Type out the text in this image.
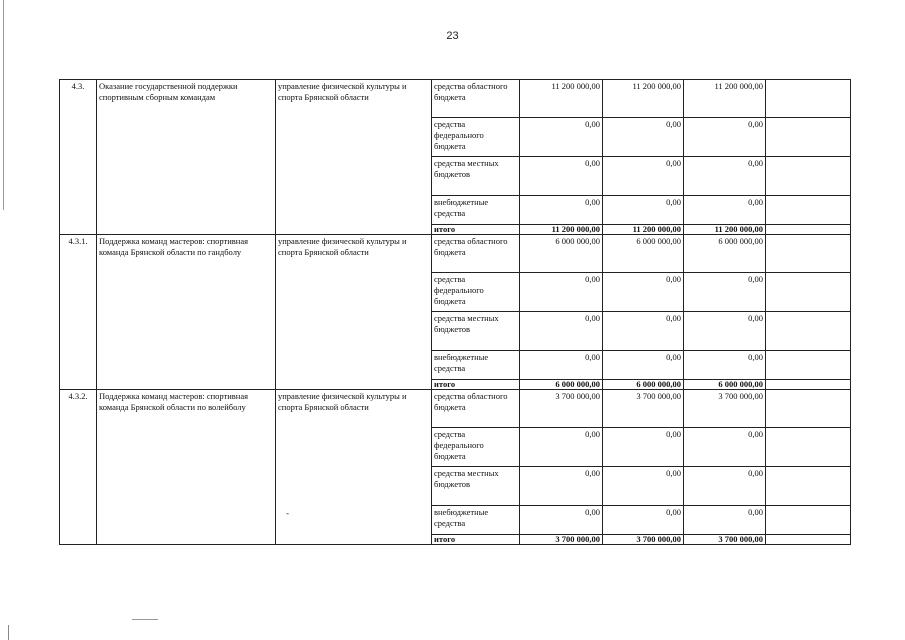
23
4.3.	Оказание государственной поддержки спортивным сборным командам	управление физической культуры и спорта Брянской области	средства областного бюджета	11 200 000,00	11 200 000,00	11 200 000,00	
			средства федерального бюджета	0,00	0,00	0,00	
			средства местных бюджетов	0,00	0,00	0,00	
			внебюджетные средства	0,00	0,00	0,00	
			итого	11 200 000,00	11 200 000,00	11 200 000,00	
4.3.1.	Поддержка команд мастеров: спортивная команда Брянской области по гандболу	управление физической культуры и спорта Брянской области	средства областного бюджета	6 000 000,00	6 000 000,00	6 000 000,00	
			средства федерального бюджета	0,00	0,00	0,00	
			средства местных бюджетов	0,00	0,00	0,00	
			внебюджетные средства	0,00	0,00	0,00	
			итого	6 000 000,00	6 000 000,00	6 000 000,00	
4.3.2.	Поддержка команд мастеров: спортивная команда Брянской области по волейболу	управление физической культуры и спорта Брянской области	средства областного бюджета	3 700 000,00	3 700 000,00	3 700 000,00	
			средства федерального бюджета	0,00	0,00	0,00	
			средства местных бюджетов	0,00	0,00	0,00	
			внебюджетные средства	0,00	0,00	0,00	
			итого	3 700 000,00	3 700 000,00	3 700 000,00	
-
